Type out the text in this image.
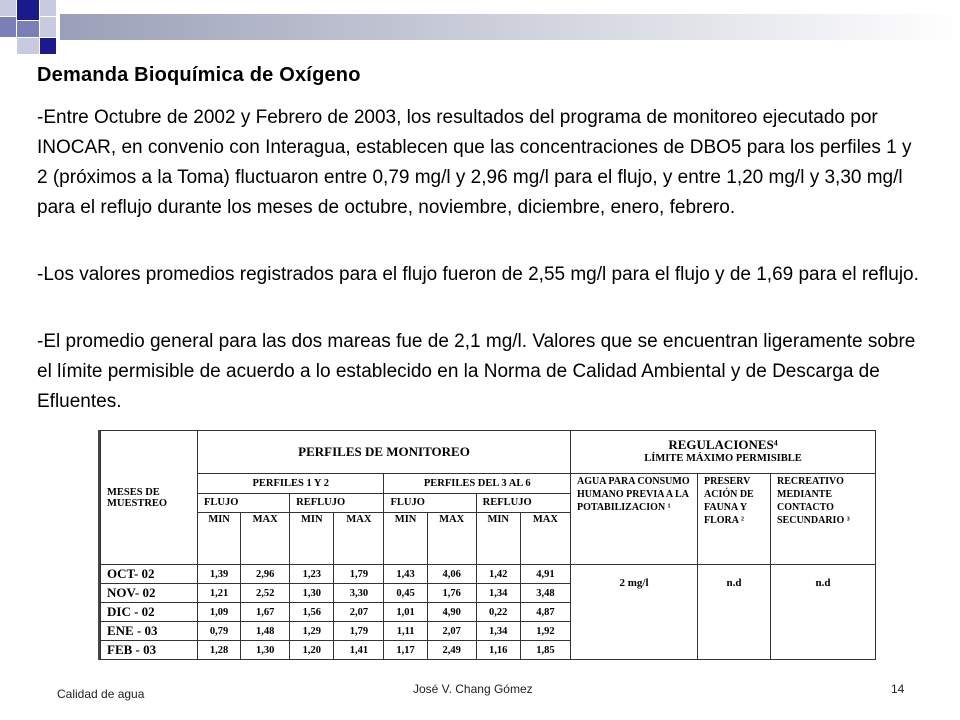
Demanda Bioquímica de Oxígeno

-Entre Octubre de 2002 y Febrero de 2003, los resultados del programa de monitoreo ejecutado por INOCAR, en convenio con Interagua, establecen que las concentraciones de DBO5 para los perfiles 1 y 2 (próximos a la Toma) fluctuaron entre 0,79 mg/l y 2,96 mg/l para el flujo, y entre 1,20 mg/l y 3,30 mg/l para el reflujo durante los meses de octubre, noviembre, diciembre, enero, febrero.

-Los valores promedios registrados para el flujo fueron de 2,55 mg/l para el flujo y de 1,69 para el reflujo.

-El promedio general para las dos mareas fue de 2,1 mg/l. Valores que se encuentran ligeramente sobre el límite permisible de acuerdo a lo establecido en la Norma de Calidad Ambiental y de Descarga de Efluentes.

MESES DE MUESTREO	PERFILES DE MONITOREO								REGULACIONES⁴
LÍMITE MÁXIMO PERMISIBLE		

	PERFILES 1 Y 2				PERFILES DEL 3 AL 6				AGUA PARA CONSUMO HUMANO PREVIA A LA POTABILIZACION ¹	PRESERV ACIÓN DE FAUNA Y FLORA ²	RECREATIVO MEDIANTE CONTACTO SECUNDARIO ³
	FLUJO		REFLUJO		FLUJO		REFLUJO				
	MIN	MAX	MIN	MAX	MIN	MAX	MIN	MAX			
OCT- 02	1,39	2,96	1,23	1,79	1,43	4,06	1,42	4,91	2 mg/l	n.d	n.d
NOV- 02	1,21	2,52	1,30	3,30	0,45	1,76	1,34	3,48			
DIC - 02	1,09	1,67	1,56	2,07	1,01	4,90	0,22	4,87			
ENE - 03	0,79	1,48	1,29	1,79	1,11	2,07	1,34	1,92			
FEB - 03	1,28	1,30	1,20	1,41	1,17	2,49	1,16	1,85			
Calidad de agua	José V. Chang Gómez	14
